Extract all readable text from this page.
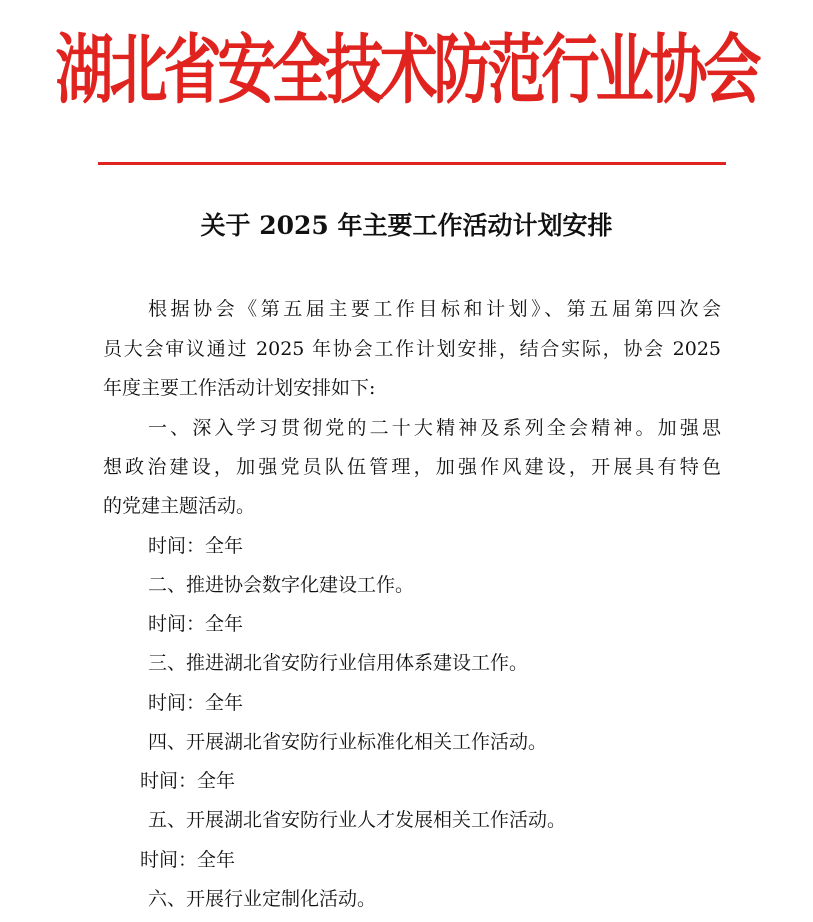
湖北省安全技术防范行业协会
关于 2025 年主要工作活动计划安排
根据协会《第五届主要工作目标和计划》、第五届第四次会
员大会审议通过 2025 年协会工作计划安排，结合实际，协会 2025
年度主要工作活动计划安排如下:
一、深入学习贯彻党的二十大精神及系列全会精神。加强思
想政治建设，加强党员队伍管理，加强作风建设，开展具有特色
的党建主题活动。
时间：全年
二、推进协会数字化建设工作。
时间：全年
三、推进湖北省安防行业信用体系建设工作。
时间：全年
四、开展湖北省安防行业标准化相关工作活动。
时间：全年
五、开展湖北省安防行业人才发展相关工作活动。
时间：全年
六、开展行业定制化活动。
